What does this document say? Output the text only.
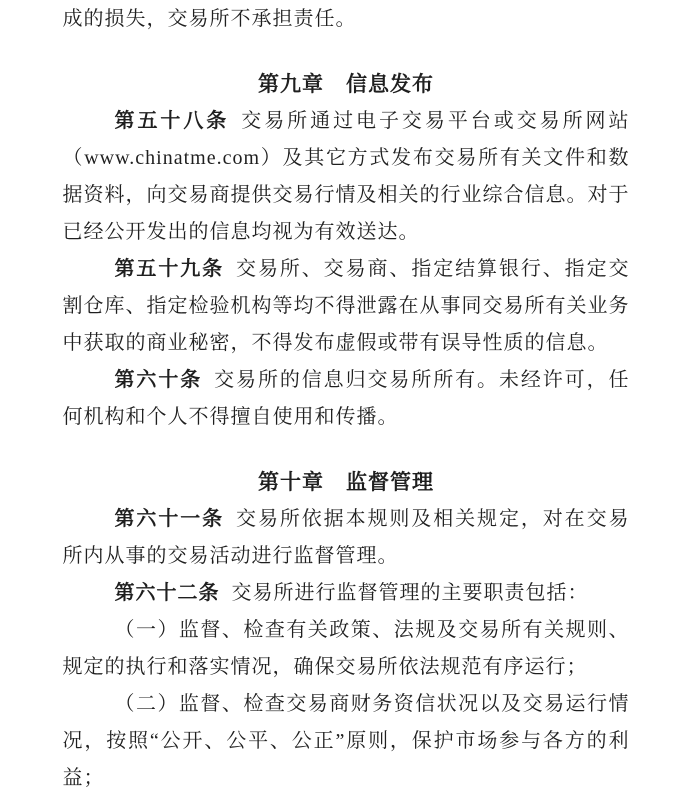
成的损失，交易所不承担责任。

第九章　信息发布

第五十八条 交易所通过电子交易平台或交易所网站（www.chinatme.com）及其它方式发布交易所有关文件和数据资料，向交易商提供交易行情及相关的行业综合信息。对于已经公开发出的信息均视为有效送达。

第五十九条 交易所、交易商、指定结算银行、指定交割仓库、指定检验机构等均不得泄露在从事同交易所有关业务中获取的商业秘密，不得发布虚假或带有误导性质的信息。

第六十条 交易所的信息归交易所所有。未经许可，任何机构和个人不得擅自使用和传播。

第十章　监督管理

第六十一条 交易所依据本规则及相关规定，对在交易所内从事的交易活动进行监督管理。

第六十二条 交易所进行监督管理的主要职责包括：

（一）监督、检查有关政策、法规及交易所有关规则、规定的执行和落实情况，确保交易所依法规范有序运行；

（二）监督、检查交易商财务资信状况以及交易运行情况，按照“公开、公平、公正”原则，保护市场参与各方的利益；
